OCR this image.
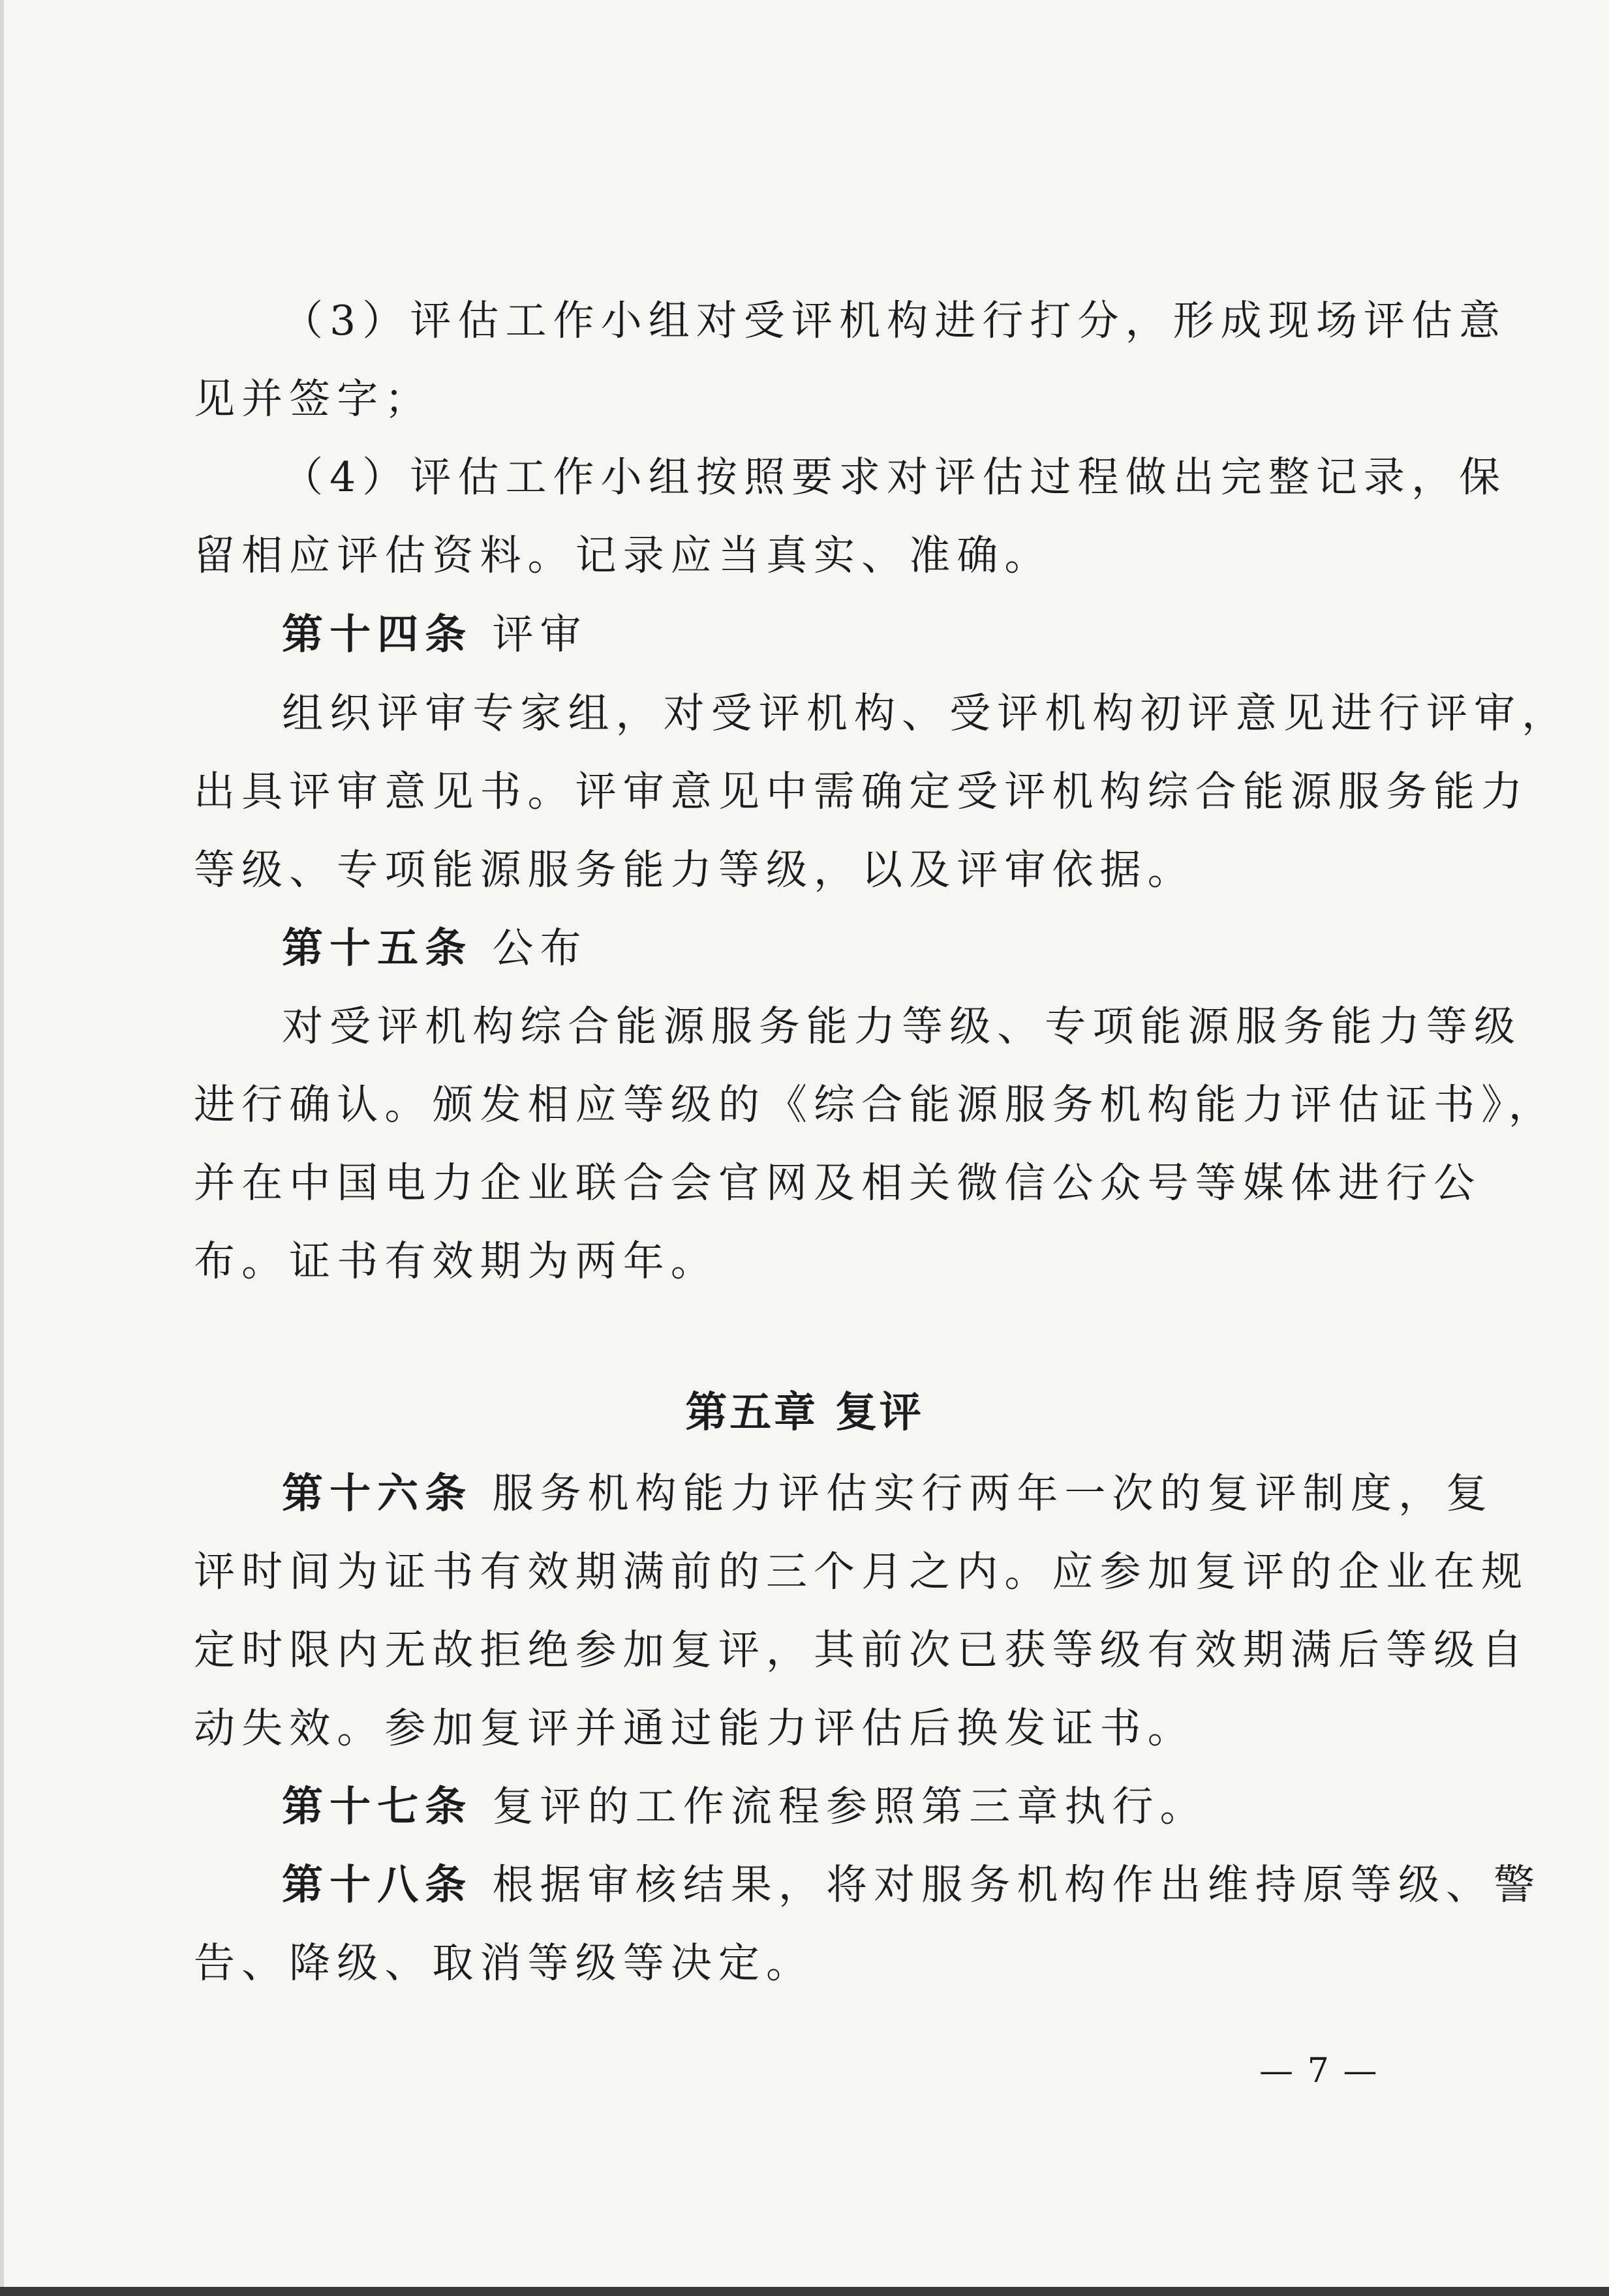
（3）评估工作小组对受评机构进行打分，形成现场评估意
见并签字；
（4）评估工作小组按照要求对评估过程做出完整记录，保
留相应评估资料。记录应当真实、准确。
第十四条 评审
组织评审专家组，对受评机构、受评机构初评意见进行评审，
出具评审意见书。评审意见中需确定受评机构综合能源服务能力
等级、专项能源服务能力等级，以及评审依据。
第十五条 公布
对受评机构综合能源服务能力等级、专项能源服务能力等级
进行确认。颁发相应等级的《综合能源服务机构能力评估证书》，
并在中国电力企业联合会官网及相关微信公众号等媒体进行公
布。证书有效期为两年。
第五章 复评
第十六条 服务机构能力评估实行两年一次的复评制度，复
评时间为证书有效期满前的三个月之内。应参加复评的企业在规
定时限内无故拒绝参加复评，其前次已获等级有效期满后等级自
动失效。参加复评并通过能力评估后换发证书。
第十七条 复评的工作流程参照第三章执行。
第十八条 根据审核结果，将对服务机构作出维持原等级、警
告、降级、取消等级等决定。
— 7 —
